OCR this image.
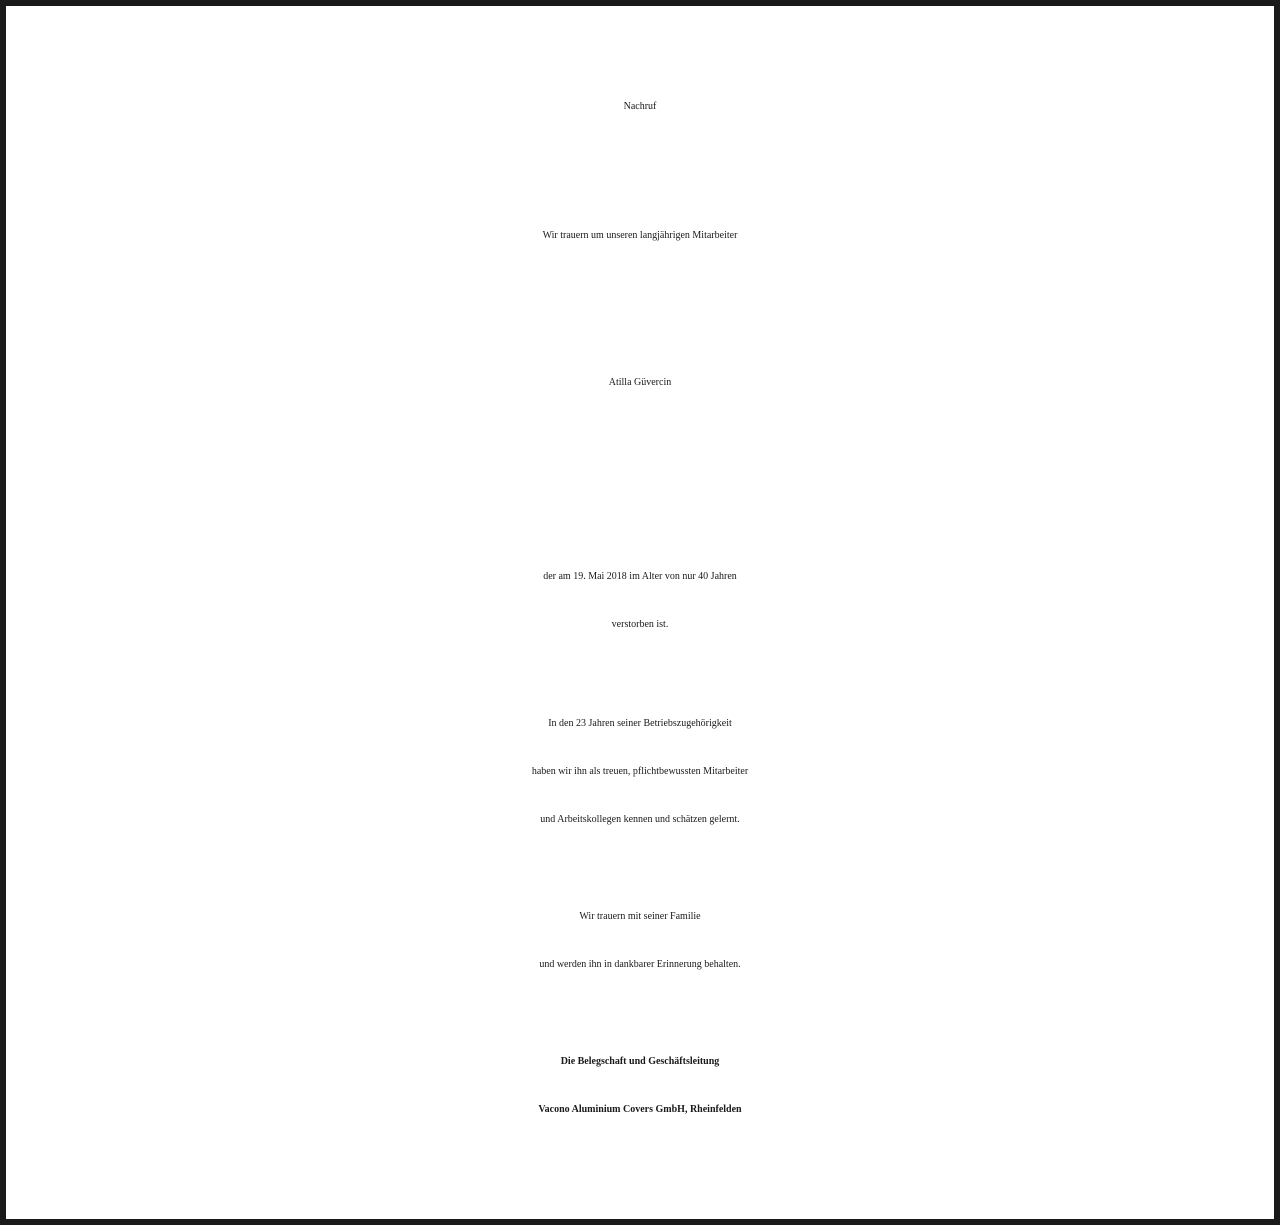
Nachruf
Wir trauern um unseren langjährigen Mitarbeiter
Atilla Güvercin
der am 19. Mai 2018 im Alter von nur 40 Jahren
verstorben ist.
In den 23 Jahren seiner Betriebszugehörigkeit
haben wir ihn als treuen, pflichtbewussten Mitarbeiter
und Arbeitskollegen kennen und schätzen gelernt.
Wir trauern mit seiner Familie
und werden ihn in dankbarer Erinnerung behalten.
Die Belegschaft und Geschäftsleitung
Vacono Aluminium Covers GmbH, Rheinfelden
